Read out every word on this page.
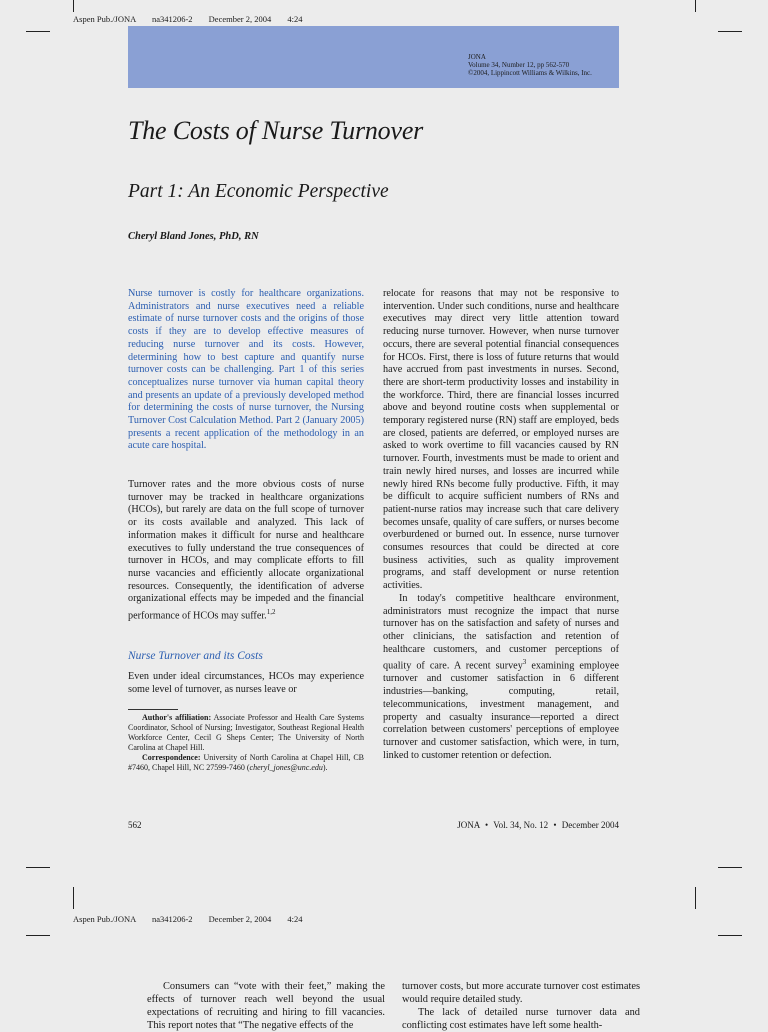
Aspen Pub./JONA na341206-2 December 2, 2004 4:24
JONA
Volume 34, Number 12, pp 562-570
©2004, Lippincott Williams & Wilkins, Inc.
The Costs of Nurse Turnover
Part 1: An Economic Perspective
Cheryl Bland Jones, PhD, RN

Nurse turnover is costly for healthcare organizations. Administrators and nurse executives need a reliable estimate of nurse turnover costs and the origins of those costs if they are to develop effective measures of reducing nurse turnover and its costs. However, determining how to best capture and quantify nurse turnover costs can be challenging. Part 1 of this series conceptualizes nurse turnover via human capital theory and presents an update of a previously developed method for determining the costs of nurse turnover, the Nursing Turnover Cost Calculation Method. Part 2 (January 2005) presents a recent application of the methodology in an acute care hospital.

Turnover rates and the more obvious costs of nurse turnover may be tracked in healthcare organizations (HCOs), but rarely are data on the full scope of turnover or its costs available and analyzed. This lack of information makes it difficult for nurse and healthcare executives to fully understand the true consequences of turnover in HCOs, and may complicate efforts to fill nurse vacancies and efficiently allocate organizational resources. Consequently, the identification of adverse organizational effects may be impeded and the financial performance of HCOs may suffer.$^{1,2}$

Nurse Turnover and its Costs

Even under ideal circumstances, HCOs may experience some level of turnover, as nurses leave or

Author's affiliation: Associate Professor and Health Care Systems Coordinator, School of Nursing; Investigator, Southeast Regional Health Workforce Center, Cecil G Sheps Center; The University of North Carolina at Chapel Hill.

Correspondence: University of North Carolina at Chapel Hill, CB #7460, Chapel Hill, NC 27599-7460 (cheryl_jones@unc.edu).

relocate for reasons that may not be responsive to intervention. Under such conditions, nurse and healthcare executives may direct very little attention toward reducing nurse turnover. However, when nurse turnover occurs, there are several potential financial consequences for HCOs. First, there is loss of future returns that would have accrued from past investments in nurses. Second, there are short-term productivity losses and instability in the workforce. Third, there are financial losses incurred above and beyond routine costs when supplemental or temporary registered nurse (RN) staff are employed, beds are closed, patients are deferred, or employed nurses are asked to work overtime to fill vacancies caused by RN turnover. Fourth, investments must be made to orient and train newly hired nurses, and losses are incurred while newly hired RNs become fully productive. Fifth, it may be difficult to acquire sufficient numbers of RNs and patient-nurse ratios may increase such that care delivery becomes unsafe, quality of care suffers, or nurses become overburdened or burned out. In essence, nurse turnover consumes resources that could be directed at core business activities, such as quality improvement programs, and staff development or nurse retention activities.

In today's competitive healthcare environment, administrators must recognize the impact that nurse turnover has on the satisfaction and safety of nurses and other clinicians, the satisfaction and retention of healthcare customers, and customer perceptions of quality of care. A recent survey$^3$ examining employee turnover and customer satisfaction in 6 different industries—banking, computing, retail, telecommunications, investment management, and property and casualty insurance—reported a direct correlation between customers' perceptions of employee turnover and customer satisfaction, which were, in turn, linked to customer retention or defection.

562	JONA • Vol. 34, No. 12 • December 2004
Aspen Pub./JONA na341206-2 December 2, 2004 4:24

Consumers can “vote with their feet,” making the effects of turnover reach well beyond the usual expectations of recruiting and hiring to fill vacancies. This report notes that “The negative effects of the

turnover costs, but more accurate turnover cost estimates would require detailed study.

The lack of detailed nurse turnover data and conflicting cost estimates have left some health-
